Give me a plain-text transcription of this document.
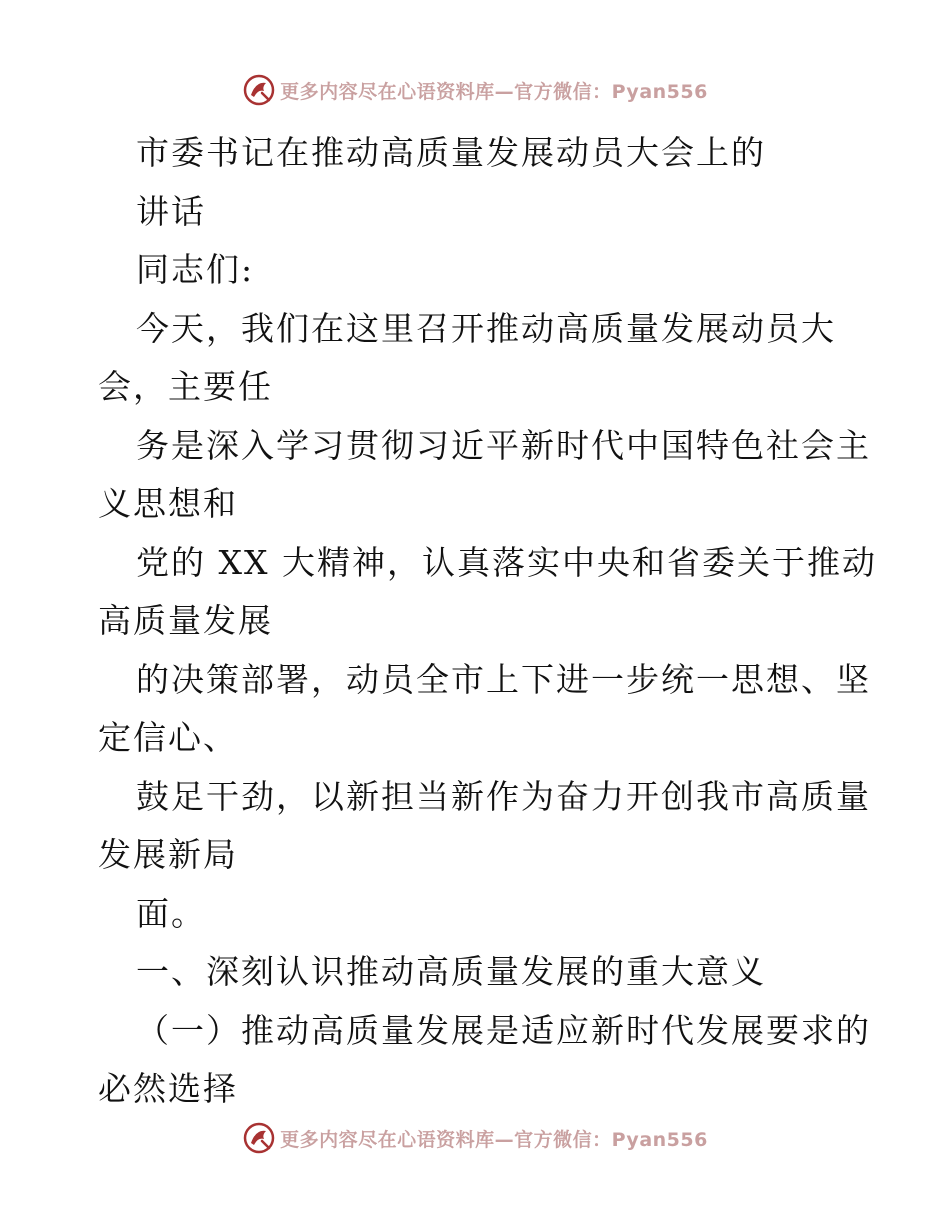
更多内容尽在心语资料库—官方微信：Pyan556
市委书记在推动高质量发展动员大会上的
讲话
同志们:
今天，我们在这里召开推动高质量发展动员大
会，主要任
务是深入学习贯彻习近平新时代中国特色社会主
义思想和
党的 XX 大精神，认真落实中央和省委关于推动
高质量发展
的决策部署，动员全市上下进一步统一思想、坚
定信心、
鼓足干劲，以新担当新作为奋力开创我市高质量
发展新局
面。
一、深刻认识推动高质量发展的重大意义
（一）推动高质量发展是适应新时代发展要求的
必然选择
更多内容尽在心语资料库—官方微信：Pyan556
